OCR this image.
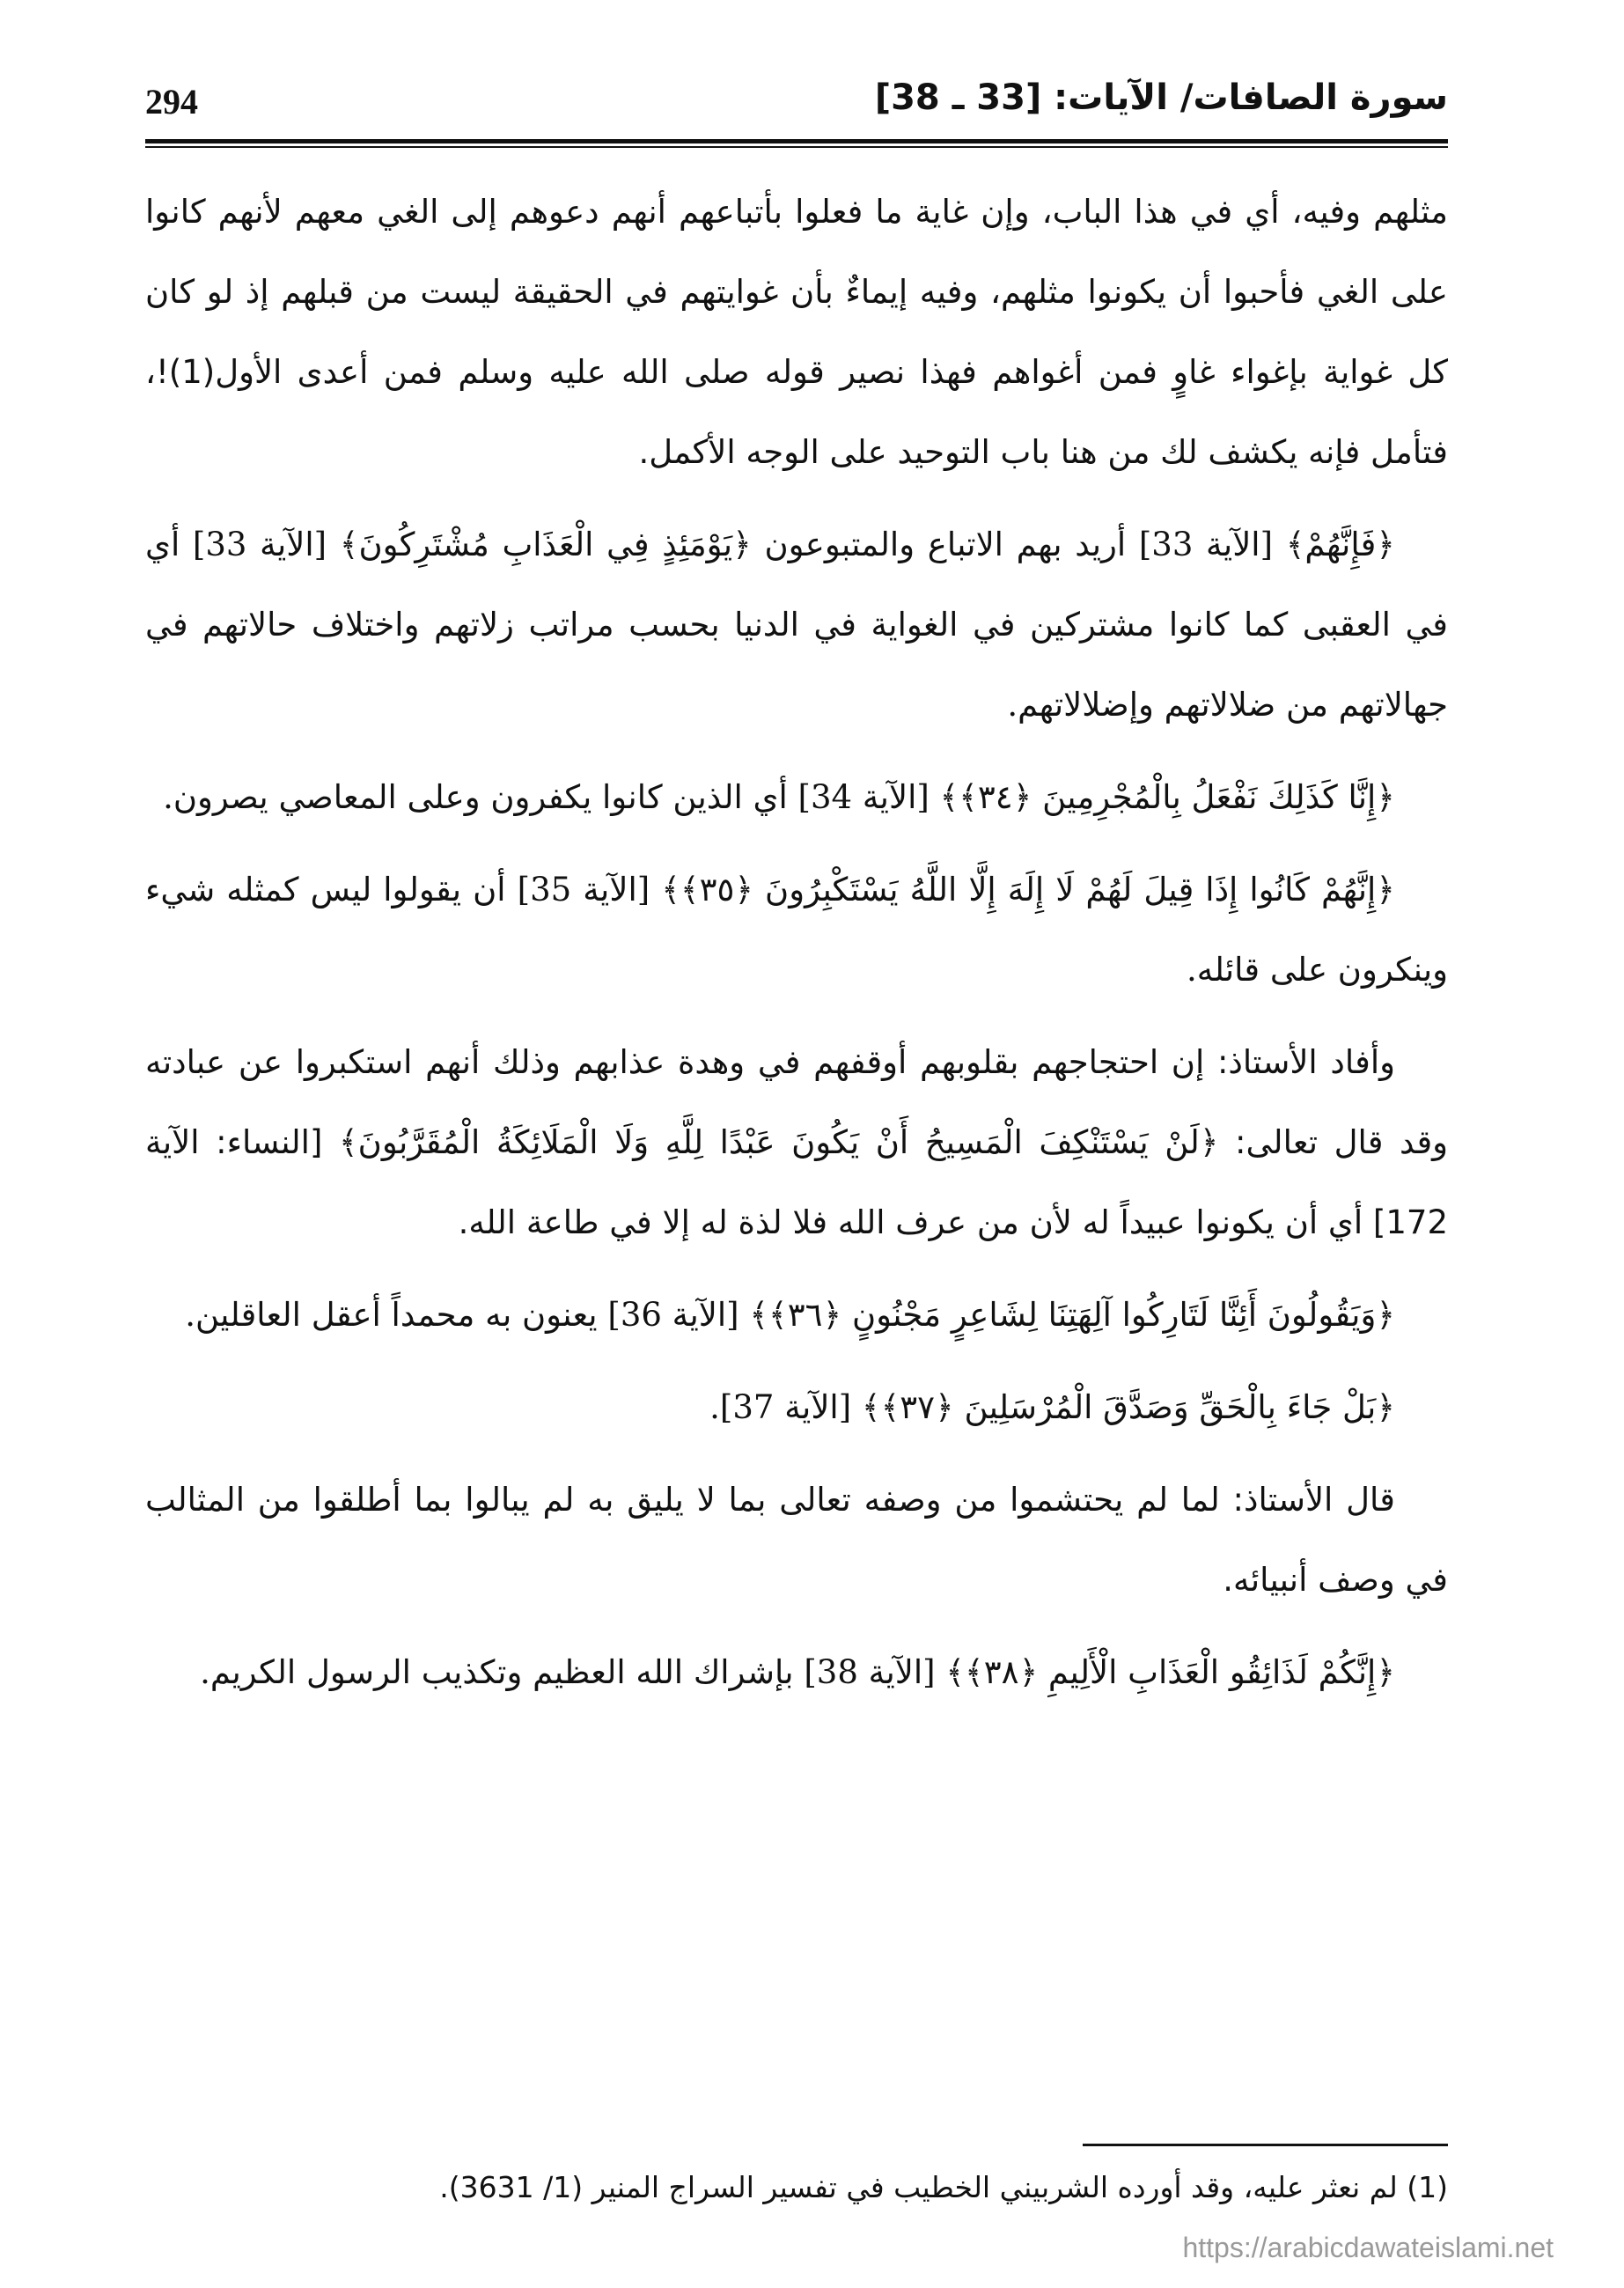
294	سورة الصافات/ الآيات: [33 ـ 38]

مثلهم وفيه، أي في هذا الباب، وإن غاية ما فعلوا بأتباعهم أنهم دعوهم إلى الغي معهم لأنهم كانوا على الغي فأحبوا أن يكونوا مثلهم، وفيه إيماءٌ بأن غوايتهم في الحقيقة ليست من قبلهم إذ لو كان كل غواية بإغواء غاوٍ فمن أغواهم فهذا نصير قوله صلى الله عليه وسلم فمن أعدى الأول(1)!، فتأمل فإنه يكشف لك من هنا باب التوحيد على الوجه الأكمل.

﴿فَإِنَّهُمْ﴾ [الآية 33] أريد بهم الاتباع والمتبوعون ﴿يَوْمَئِذٍ فِي الْعَذَابِ مُشْتَرِكُونَ﴾ [الآية 33] أي في العقبى كما كانوا مشتركين في الغواية في الدنيا بحسب مراتب زلاتهم واختلاف حالاتهم في جهالاتهم من ضلالاتهم وإضلالاتهم.

﴿إِنَّا كَذَلِكَ نَفْعَلُ بِالْمُجْرِمِينَ ﴿٣٤﴾﴾ [الآية 34] أي الذين كانوا يكفرون وعلى المعاصي يصرون.

﴿إِنَّهُمْ كَانُوا إِذَا قِيلَ لَهُمْ لَا إِلَهَ إِلَّا اللَّهُ يَسْتَكْبِرُونَ ﴿٣٥﴾﴾ [الآية 35] أن يقولوا ليس كمثله شيء وينكرون على قائله.

وأفاد الأستاذ: إن احتجاجهم بقلوبهم أوقفهم في وهدة عذابهم وذلك أنهم استكبروا عن عبادته وقد قال تعالى: ﴿لَنْ يَسْتَنْكِفَ الْمَسِيحُ أَنْ يَكُونَ عَبْدًا لِلَّهِ وَلَا الْمَلَائِكَةُ الْمُقَرَّبُونَ﴾ [النساء: الآية 172] أي أن يكونوا عبيداً له لأن من عرف الله فلا لذة له إلا في طاعة الله.

﴿وَيَقُولُونَ أَئِنَّا لَتَارِكُوا آلِهَتِنَا لِشَاعِرٍ مَجْنُونٍ ﴿٣٦﴾﴾ [الآية 36] يعنون به محمداً أعقل العاقلين.

﴿بَلْ جَاءَ بِالْحَقِّ وَصَدَّقَ الْمُرْسَلِينَ ﴿٣٧﴾﴾ [الآية 37].

قال الأستاذ: لما لم يحتشموا من وصفه تعالى بما لا يليق به لم يبالوا بما أطلقوا من المثالب في وصف أنبيائه.

﴿إِنَّكُمْ لَذَائِقُو الْعَذَابِ الْأَلِيمِ ﴿٣٨﴾﴾ [الآية 38] بإشراك الله العظيم وتكذيب الرسول الكريم.

(1) لم نعثر عليه، وقد أورده الشربيني الخطيب في تفسير السراج المنير (1/ 3631).
https://arabicdawateislami.net
